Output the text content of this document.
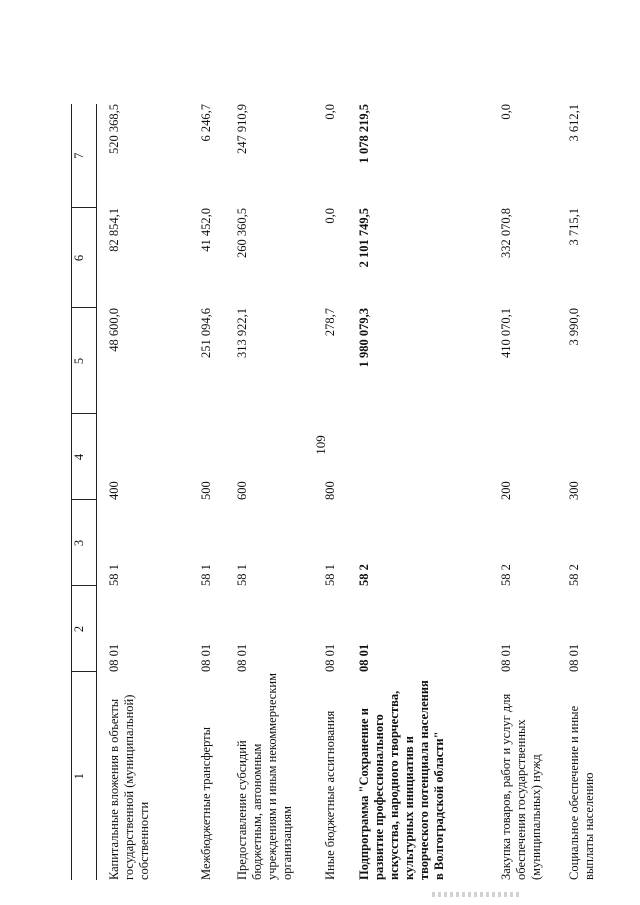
109
1	2	3	4	5	6	7

Капитальные вложения в объекты государственной (муниципальной) собственности	08 01	58 1	400	48 600,0	82 854,1	520 368,5
Межбюджетные трансферты	08 01	58 1	500	251 094,6	41 452,0	6 246,7
Предоставление субсидий бюджетным, автономным учреждениям и иным некоммерческим организациям	08 01	58 1	600	313 922,1	260 360,5	247 910,9
Иные бюджетные ассигнования	08 01	58 1	800	278,7	0,0	0,0
Подпрограмма "Сохранение и развитие профессионального искусства, народного творчества, культурных инициатив и творческого потенциала населения в Волгоградской области"	08 01	58 2		1 980 079,3	2 101 749,5	1 078 219,5
Закупка товаров, работ и услуг для обеспечения государственных (муниципальных) нужд	08 01	58 2	200	410 070,1	332 070,8	0,0
Социальное обеспечение и иные выплаты населению	08 01	58 2	300	3 990,0	3 715,1	3 612,1
